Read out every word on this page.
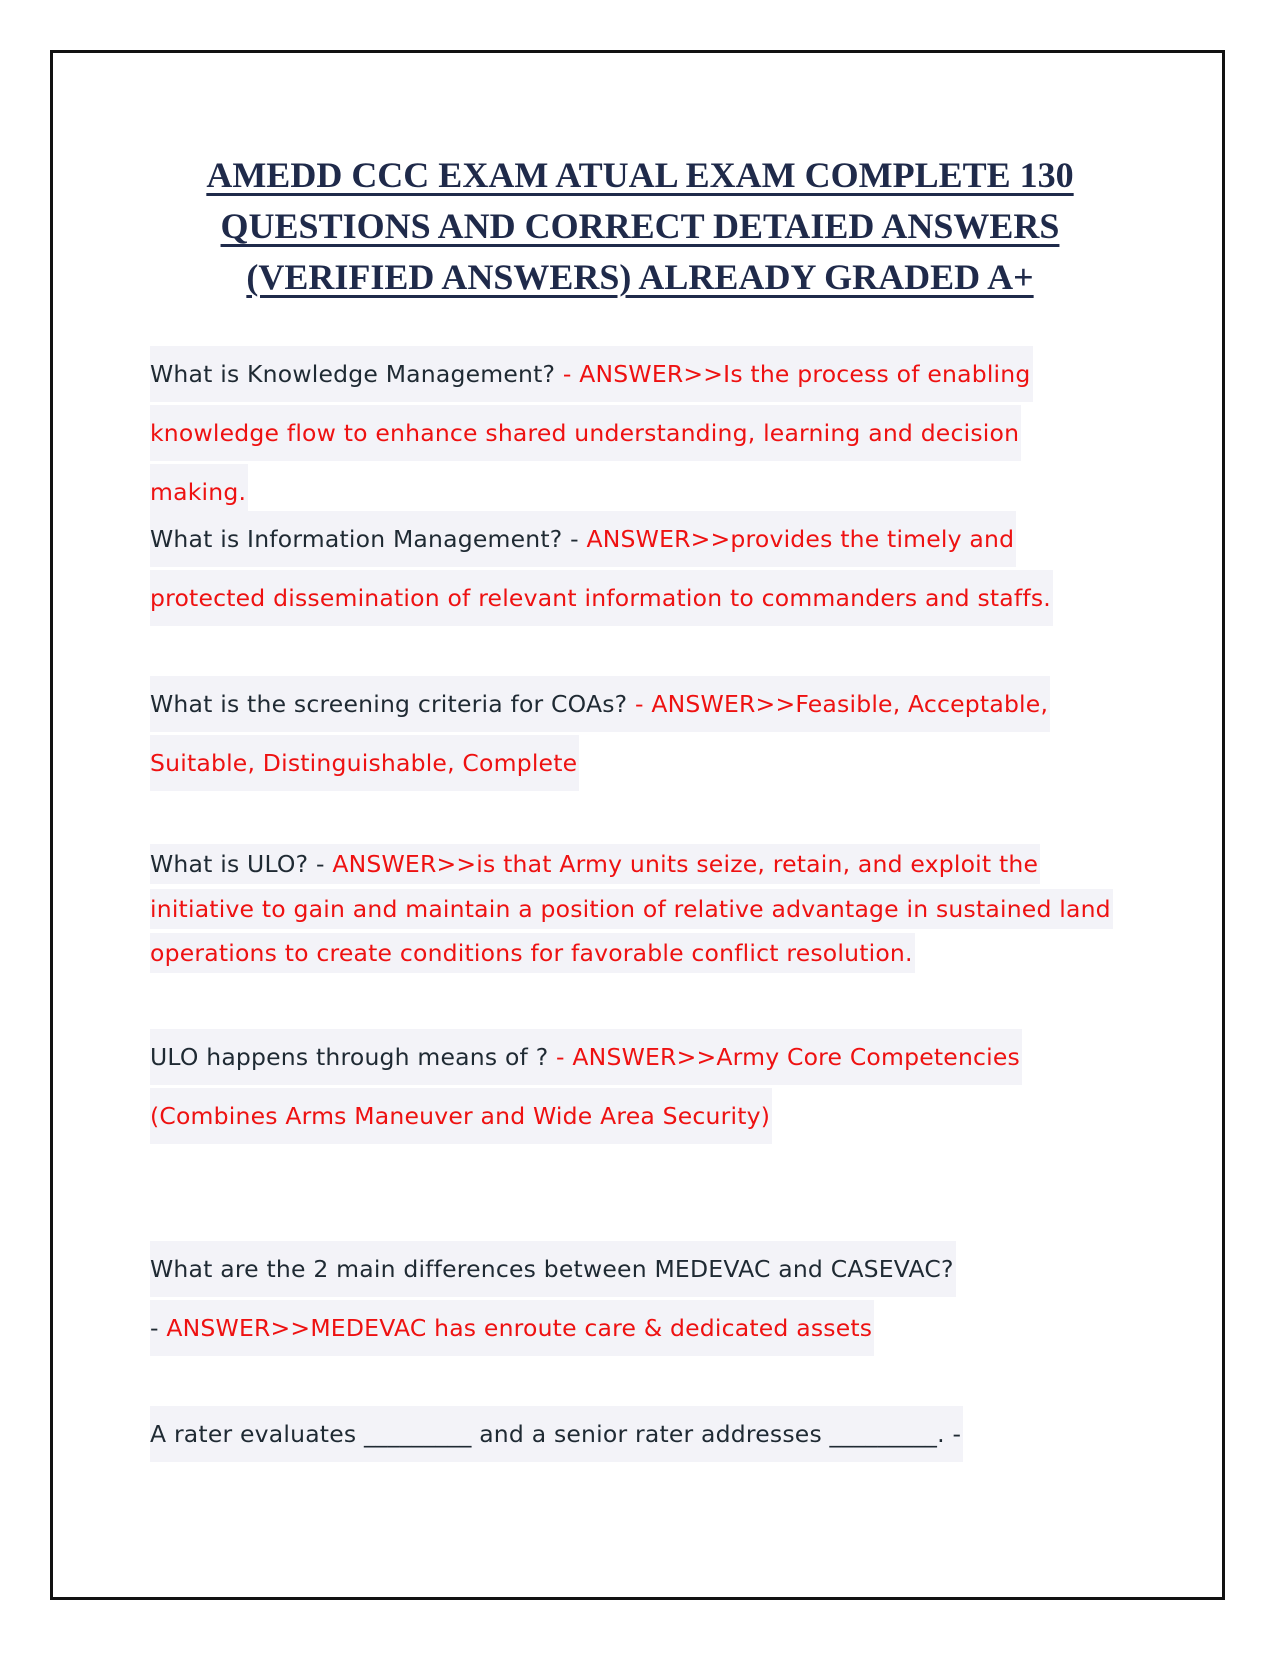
AMEDD CCC EXAM ATUAL EXAM COMPLETE 130
QUESTIONS AND CORRECT DETAIED ANSWERS
(VERIFIED ANSWERS) ALREADY GRADED A+

What is Knowledge Management? - ANSWER>>Is the process of enabling knowledge flow to enhance shared understanding, learning and decision making.

What is Information Management? - ANSWER>>provides the timely and protected dissemination of relevant information to commanders and staffs.

What is the screening criteria for COAs? - ANSWER>>Feasible, Acceptable, Suitable, Distinguishable, Complete

What is ULO? - ANSWER>>is that Army units seize, retain, and exploit the initiative to gain and maintain a position of relative advantage in sustained land operations to create conditions for favorable conflict resolution.

ULO happens through means of ? - ANSWER>>Army Core Competencies (Combines Arms Maneuver and Wide Area Security)

What are the 2 main differences between MEDEVAC and CASEVAC? - ANSWER>>MEDEVAC has enroute care & dedicated assets

A rater evaluates _________ and a senior rater addresses _________. -
